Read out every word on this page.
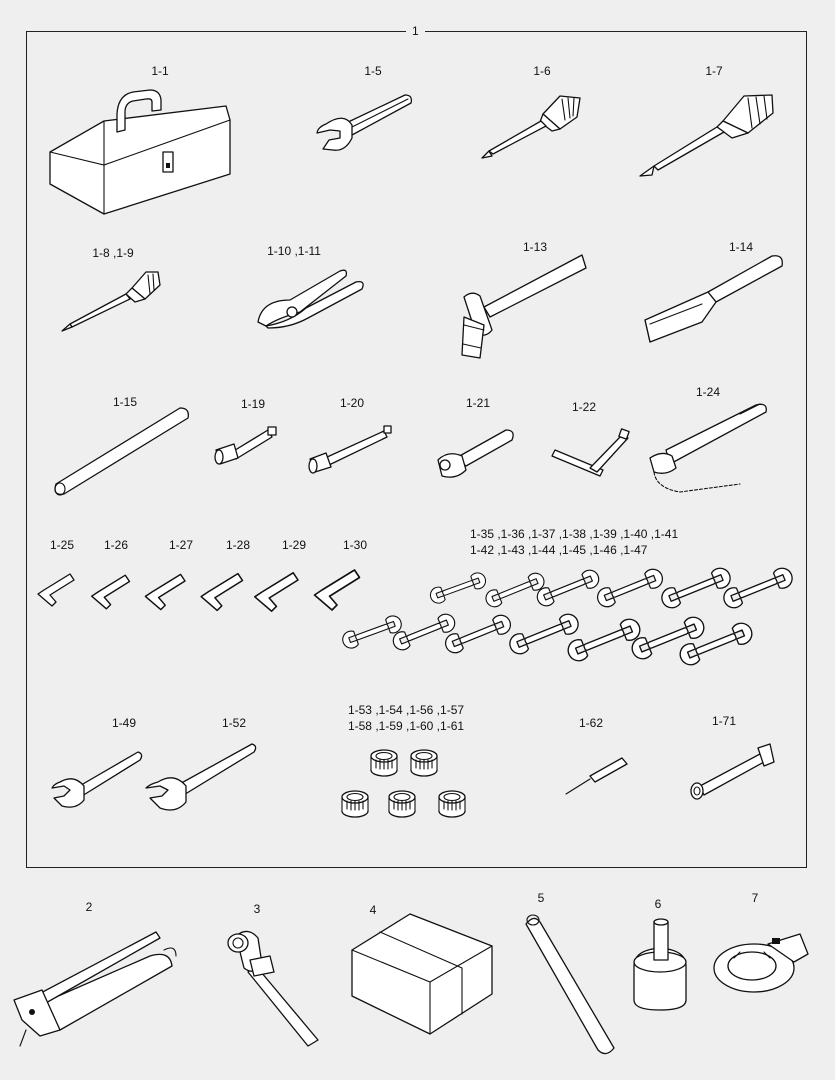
1
1-1	1-5	1-6	1-7
1-8 ,1-9	1-10 ,1-11	1-13	1-14
1-15	1-19	1-20	1-21	1-22
1-24
1-25 1-26	1-27	1-28	1-29	1-30
1-35 ,1-36 ,1-37 ,1-38 ,1-39 ,1-40 ,1-41
1-42 ,1-43 ,1-44 ,1-45 ,1-46 ,1-47
1-49	1-52
1-53 ,1-54 ,1-56 ,1-57
1-58 ,1-59 ,1-60 ,1-61	1-62	1-71
2	3	4
5	6	7
